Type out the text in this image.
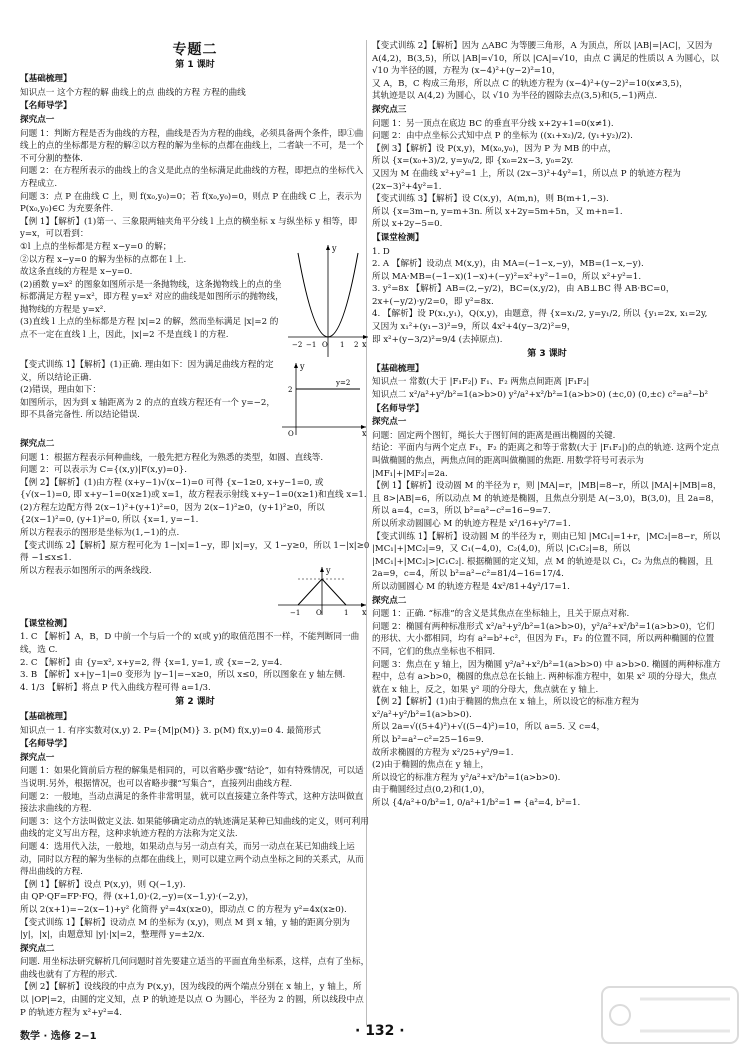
专题二
第 1 课时
【基础梳理】

知识点一 这个方程的解 曲线上的点 曲线的方程 方程的曲线

【名师导学】
探究点一

问题 1：判断方程是否为曲线的方程，曲线是否为方程的曲线，必须具备两个条件，即①曲线上的点的坐标都是方程的解②以方程的解为坐标的点都在曲线上，二者缺一不可，是一个不可分割的整体.

问题 2：在方程所表示的曲线上的含义是此点的坐标满足此曲线的方程，即把点的坐标代入方程成立.

问题 3：点 P 在曲线 C 上，则 f(x₀,y₀)=0；若 f(x₀,y₀)=0，则点 P 在曲线 C 上，表示为 P(x₀,y₀)∈C 为充要条件.

【例 1】【解析】(1)第一、三象限两轴夹角平分线 l 上点的横坐标 x 与纵坐标 y 相等，即 y=x，可以看到：

①l 上点的坐标都是方程 x−y=0 的解；

②以方程 x−y=0 的解为坐标的点都在 l 上.

故这条直线的方程是 x−y=0.

(2)函数 y=x² 的图象如图所示是一条抛物线，这条抛物线上的点的坐标都满足方程 y=x²，即方程 y=x² 对应的曲线是如图所示的抛物线，抛物线的方程是 y=x².

(3)直线 l 上点的坐标都是方程 |x|=2 的解，然而坐标满足 |x|=2 的点不一定在直线 l 上，因此，|x|=2 不是直线 l 的方程.

y
x
−2 −1 O 1 2

【变式训练 1】【解析】(1)正确. 理由如下：因为满足曲线方程的定义，所以结论正确.

(2)错误，理由如下：

如图所示，因为到 x 轴距离为 2 的点的直线方程还有一个 y=−2，即不具备完备性. 所以结论错误.

y
x
2
y=2
O
探究点二

问题 1：根据方程表示何种曲线，一般先把方程化为熟悉的类型，如圆、直线等.

问题 2：可以表示为 C={(x,y)|F(x,y)=0}.

【例 2】【解析】(1)由方程 (x+y−1)√(x−1)=0 可得 {x−1≥0, x+y−1=0, 或 {√(x−1)=0, 即 x+y−1=0(x≥1)或 x=1，故方程表示射线 x+y−1=0(x≥1)和直线 x=1.

(2)方程左边配方得 2(x−1)²+(y+1)²=0，因为 2(x−1)²≥0，(y+1)²≥0，所以 {2(x−1)²=0, (y+1)²=0, 所以 {x=1, y=−1.

所以方程表示的图形是坐标为(1,−1)的点.

【变式训练 2】【解析】原方程可化为 1−|x|=1−y，即 |x|=y，又 1−y≥0，所以 1−|x|≥0 得 −1≤x≤1.

所以方程表示如图所示的两条线段.	y
x
−1 O	1
【课堂检测】

1. C 【解析】A，B，D 中前一个与后一个的 x(或 y)的取值范围不一样，不能判断同一曲线，选 C.

2. C 【解析】由 {y=x², x+y=2, 得 {x=1, y=1, 或 {x=−2, y=4.

3. B 【解析】x+|y−1|=0 变形为 |y−1|=−x≥0，所以 x≤0，所以图象在 y 轴左侧.

4. 1/3 【解析】将点 P 代入曲线方程可得 a=1/3.

第 2 课时
【基础梳理】

知识点一 1. 有序实数对(x,y) 2. P={M|p(M)} 3. p(M) f(x,y)=0 4. 最简形式

【名师导学】
探究点一

问题 1：如果化简前后方程的解集是相同的，可以省略步骤“结论”，如有特殊情况，可以适当说明.另外，根据情况，也可以省略步骤“写集合”，直接列出曲线方程.

问题 2：一般地，当动点满足的条件非常明显，就可以直接建立条件等式，这种方法叫做直接法求曲线的方程.

问题 3：这个方法叫做定义法. 如果能够确定动点的轨迹满足某种已知曲线的定义，则可利用曲线的定义写出方程，这种求轨迹方程的方法称为定义法.

问题 4：选用代入法，一般地，如果动点与另一动点有关，而另一动点在某已知曲线上运动，同时以方程的解为坐标的点都在曲线上，则可以建立两个动点坐标之间的关系式，从而得出曲线的方程.

【例 1】【解析】设点 P(x,y)，则 Q(−1,y).

由 QP·QF=FP·FQ，得 (x+1,0)·(2,−y)=(x−1,y)·(−2,y)，

所以 2(x+1)=−2(x−1)+y² 化简得 y²=4x(x≥0)，即动点 C 的方程为 y²=4x(x≥0).

【变式训练 1】【解析】设动点 M 的坐标为 (x,y)，则点 M 到 x 轴，y 轴的距离分别为 |y|，|x|，由题意知 |y|·|x|=2，整理得 y=±2/x.

探究点二

问题. 用坐标法研究解析几何问题时首先要建立适当的平面直角坐标系，这样，点有了坐标，曲线也就有了方程的形式.

【例 2】【解析】设线段的中点为 P(x,y)，因为线段的两个端点分别在 x 轴上，y 轴上，所以 |OP|=2，由圆的定义知，点 P 的轨迹是以点 O 为圆心，半径为 2 的圆，所以线段中点 P 的轨迹方程为 x²+y²=4.

【变式训练 2】【解析】因为 △ABC 为等腰三角形，A 为顶点，所以 |AB|=|AC|，又因为 A(4,2)，B(3,5)，所以 |AB|=√10，所以 |CA|=√10，由点 C 满足的性质以 A 为圆心，以 √10 为半径的圆，方程为 (x−4)²+(y−2)²=10，

又 A，B，C 构成三角形，所以点 C 的轨迹方程为 (x−4)²+(y−2)²=10(x≠3,5)，

其轨迹是以 A(4,2) 为圆心，以 √10 为半径的圆除去点(3,5)和(5,−1)两点.

探究点三

问题 1：另一顶点在底边 BC 的垂直平分线 x+2y+1=0(x≠1).

问题 2：由中点坐标公式知中点 P 的坐标为 ((x₁+x₂)/2, (y₁+y₂)/2).

【例 3】【解析】设 P(x,y)，M(x₀,y₀)，因为 P 为 MB 的中点，

所以 {x=(x₀+3)/2, y=y₀/2, 即 {x₀=2x−3, y₀=2y.

又因为 M 在曲线 x²+y²=1 上，所以 (2x−3)²+4y²=1，所以点 P 的轨迹方程为 (2x−3)²+4y²=1.

【变式训练 3】【解析】设 C(x,y)，A(m,n)，则 B(m+1,−3).

所以 {x=3m−n, y=m+3n. 所以 x+2y=5m+5n，又 m+n=1.

所以 x+2y−5=0.

【课堂检测】

1. D

2. A 【解析】设动点 M(x,y)，由 MA=(−1−x,−y)，MB=(1−x,−y).

所以 MA·MB=(−1−x)(1−x)+(−y)²=x²+y²−1=0，所以 x²+y²=1.

3. y²=8x 【解析】AB=(2,−y/2)，BC=(x,y/2)，由 AB⊥BC 得 AB·BC=0，

2x+(−y/2)·y/2=0，即 y²=8x.

4. 【解析】设 P(x₁,y₁)，Q(x,y)，由题意，得 {x=x₁/2, y=y₁/2, 所以 {y₁=2x, x₁=2y,

又因为 x₁²+(y₁−3)²=9，所以 4x²+4(y−3/2)²=9，

即 x²+(y−3/2)²=9/4 (去掉原点).

第 3 课时
【基础梳理】

知识点一 常数(大于 |F₁F₂|) F₁、F₂ 两焦点间距离 |F₁F₂|

知识点二 x²/a²+y²/b²=1(a>b>0) y²/a²+x²/b²=1(a>b>0) (±c,0) (0,±c) c²=a²−b²

【名师导学】
探究点一

问题：固定两个图钉，绳长大于图钉间的距离是画出椭圆的关键.

结论：平面内与两个定点 F₁，F₂ 的距离之和等于常数(大于 |F₁F₂|)的点的轨迹. 这两个定点叫做椭圆的焦点，两焦点间的距离叫做椭圆的焦距. 用数学符号可表示为 |MF₁|+|MF₂|=2a.

【例 1】【解析】设动圆 M 的半径为 r，则 |MA|=r，|MB|=8−r，所以 |MA|+|MB|=8，且 8>|AB|=6，所以动点 M 的轨迹是椭圆，且焦点分别是 A(−3,0)，B(3,0)，且 2a=8，所以 a=4，c=3，所以 b²=a²−c²=16−9=7.

所以所求动圆圆心 M 的轨迹方程是 x²/16+y²/7=1.

【变式训练 1】【解析】设动圆 M 的半径为 r，则由已知 |MC₁|=1+r，|MC₂|=8−r，所以 |MC₁|+|MC₂|=9，又 C₁(−4,0)，C₂(4,0)，所以 |C₁C₂|=8，所以 |MC₁|+|MC₂|>|C₁C₂|. 根据椭圆的定义知，点 M 的轨迹是以 C₁，C₂ 为焦点的椭圆，且 2a=9，c=4，所以 b²=a²−c²=81/4−16=17/4.

所以动圆圆心 M 的轨迹方程是 4x²/81+4y²/17=1.

探究点二

问题 1：正确. “标准”的含义是其焦点在坐标轴上，且关于原点对称.

问题 2：椭圆有两种标准形式 x²/a²+y²/b²=1(a>b>0)，y²/a²+x²/b²=1(a>b>0)，它们的形状、大小都相同，均有 a²=b²+c²，但因为 F₁，F₂ 的位置不同，所以两种椭圆的位置不同，它们的焦点坐标也不相同.

问题 3：焦点在 y 轴上，因为椭圆 y²/a²+x²/b²=1(a>b>0) 中 a>b>0. 椭圆的两种标准方程中，总有 a>b>0，椭圆的焦点总在长轴上. 两种标准方程中，如果 x² 项的分母大，焦点就在 x 轴上，反之，如果 y² 项的分母大，焦点就在 y 轴上.

【例 2】【解析】(1)由于椭圆的焦点在 x 轴上，所以设它的标准方程为 x²/a²+y²/b²=1(a>b>0).

所以 2a=√((5+4)²)+√((5−4)²)=10，所以 a=5. 又 c=4，

所以 b²=a²−c²=25−16=9.

故所求椭圆的方程为 x²/25+y²/9=1.

(2)由于椭圆的焦点在 y 轴上，

所以设它的标准方程为 y²/a²+x²/b²=1(a>b>0).

由于椭圆经过点(0,2)和(1,0)，

所以 {4/a²+0/b²=1, 0/a²+1/b²=1 ⇒ {a²=4, b²=1.

数学 · 选修 2−1	· 132 ·
